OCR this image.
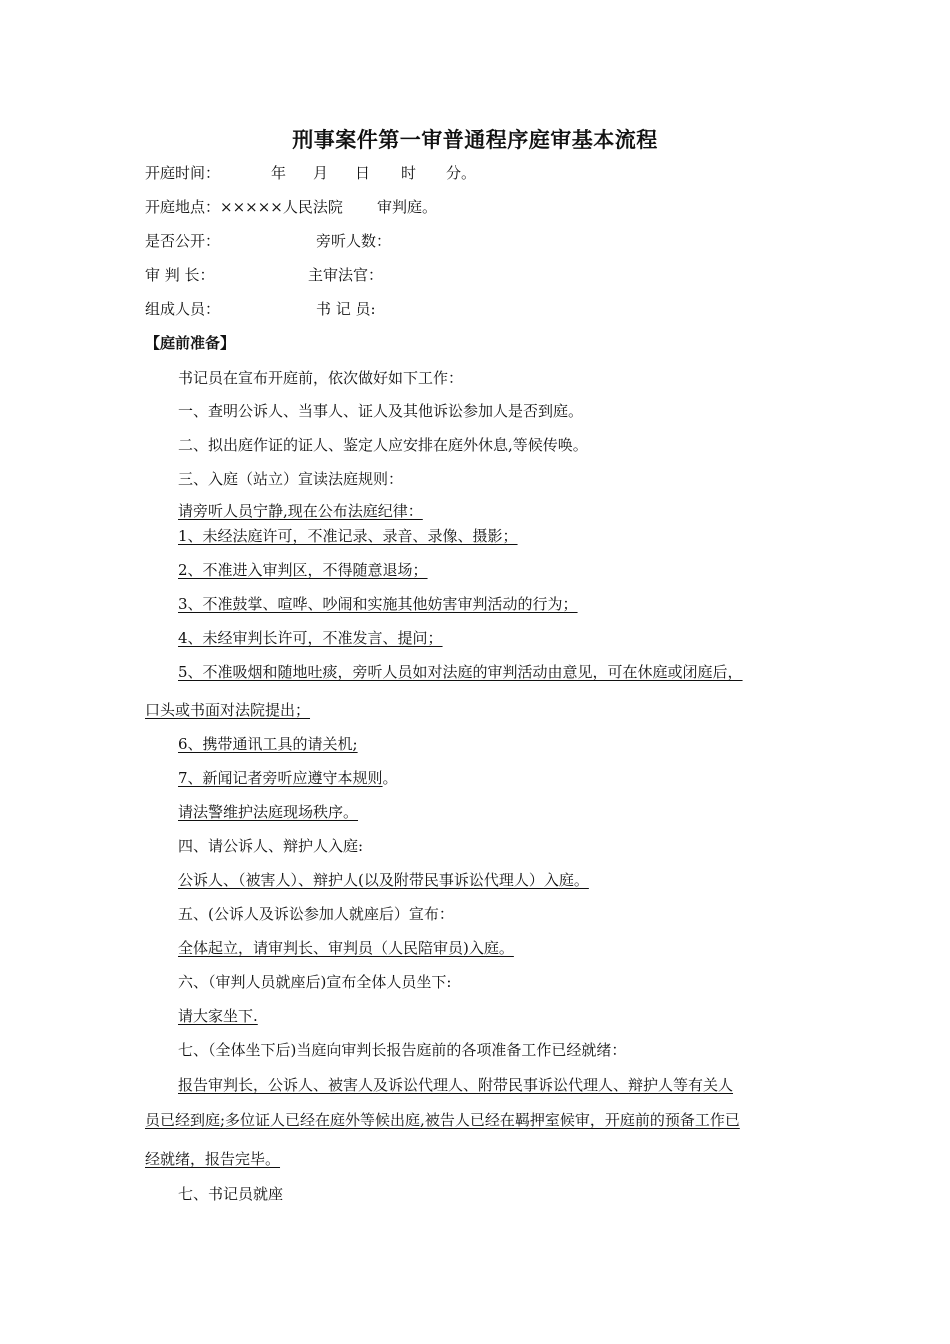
刑事案件第一审普通程序庭审基本流程
开庭时间：	年 月 日 时 分。
开庭地点：×××××人民法院 审判庭。
是否公开：	旁听人数：
审 判 长：	主审法官：
组成人员：	书 记 员:
【庭前准备】
书记员在宣布开庭前，依次做好如下工作：
一、查明公诉人、当事人、证人及其他诉讼参加人是否到庭。
二、拟出庭作证的证人、鉴定人应安排在庭外休息,等候传唤。
三、入庭（站立）宣读法庭规则：
请旁听人员宁静,现在公布法庭纪律：
1、未经法庭许可，不准记录、录音、录像、摄影；
2、不准进入审判区，不得随意退场；
3、不准鼓掌、喧哗、吵闹和实施其他妨害审判活动的行为；
4、未经审判长许可，不准发言、提问；
5、不准吸烟和随地吐痰，旁听人员如对法庭的审判活动由意见，可在休庭或闭庭后，
口头或书面对法院提出；
6、携带通讯工具的请关机;
7、新闻记者旁听应遵守本规则。
请法警维护法庭现场秩序。
四、请公诉人、辩护人入庭:
公诉人、（被害人）、辩护人(以及附带民事诉讼代理人）入庭。
五、(公诉人及诉讼参加人就座后）宣布：
全体起立，请审判长、审判员（人民陪审员)入庭。
六、（审判人员就座后)宣布全体人员坐下:
请大家坐下.
七、（全体坐下后)当庭向审判长报告庭前的各项准备工作已经就绪：
报告审判长，公诉人、被害人及诉讼代理人、附带民事诉讼代理人、辩护人等有关人
员已经到庭;多位证人已经在庭外等候出庭,被告人已经在羁押室候审，开庭前的预备工作已
经就绪，报告完毕。
七、书记员就座
